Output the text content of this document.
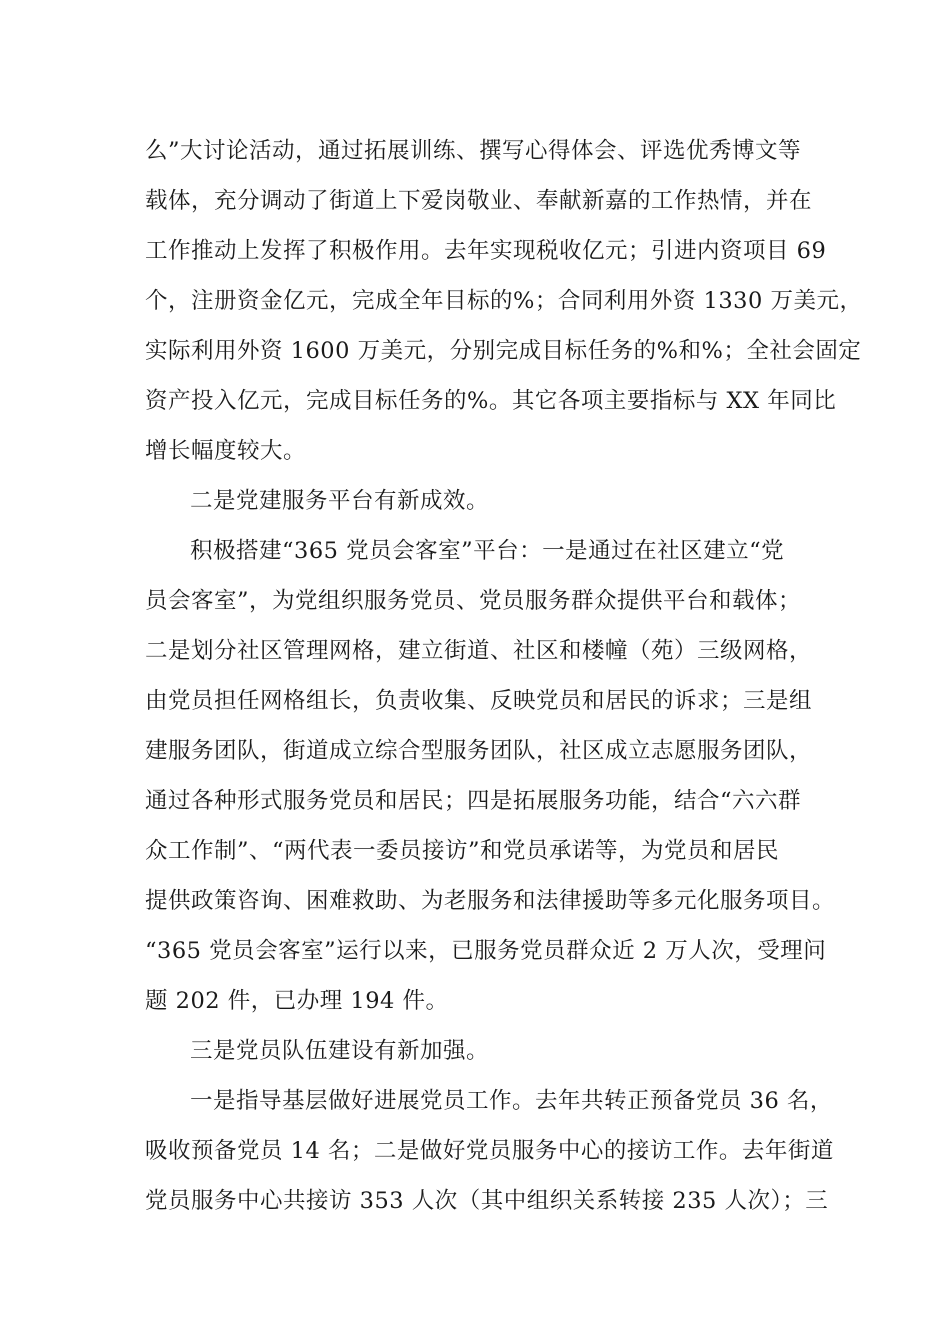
么”大讨论活动，通过拓展训练、撰写心得体会、评选优秀博文等
载体，充分调动了街道上下爱岗敬业、奉献新嘉的工作热情，并在
工作推动上发挥了积极作用。去年实现税收亿元；引进内资项目 69
个，注册资金亿元，完成全年目标的%；合同利用外资 1330 万美元，
实际利用外资 1600 万美元，分别完成目标任务的%和%；全社会固定
资产投入亿元，完成目标任务的%。其它各项主要指标与 XX 年同比
增长幅度较大。
二是党建服务平台有新成效。
积极搭建“365 党员会客室”平台：一是通过在社区建立“党
员会客室”，为党组织服务党员、党员服务群众提供平台和载体；
二是划分社区管理网格，建立街道、社区和楼幢（苑）三级网格，
由党员担任网格组长，负责收集、反映党员和居民的诉求；三是组
建服务团队，街道成立综合型服务团队，社区成立志愿服务团队，
通过各种形式服务党员和居民；四是拓展服务功能，结合“六六群
众工作制”、“两代表一委员接访”和党员承诺等，为党员和居民
提供政策咨询、困难救助、为老服务和法律援助等多元化服务项目。
“365 党员会客室”运行以来，已服务党员群众近 2 万人次，受理问
题 202 件，已办理 194 件。
三是党员队伍建设有新加强。
一是指导基层做好进展党员工作。去年共转正预备党员 36 名，
吸收预备党员 14 名；二是做好党员服务中心的接访工作。去年街道
党员服务中心共接访 353 人次（其中组织关系转接 235 人次）；三
